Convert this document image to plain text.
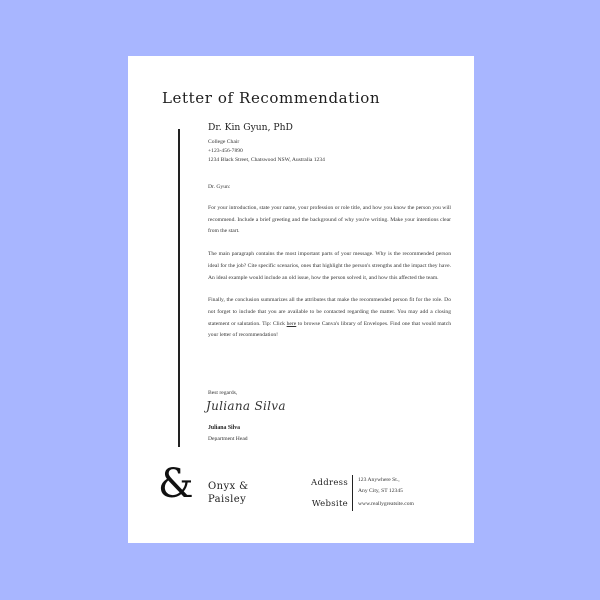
Letter of Recommendation
Dr. Kin Gyun, PhD
College Chair
+123-456-7890
1234 Black Street, Chatswood NSW, Australia 1234
Dr. Gyun:
For your introduction, state your name, your profession or role title, and how you know the person you will recommend. Include a brief greeting and the background of why you're writing. Make your intentions clear from the start.
The main paragraph contains the most important parts of your message. Why is the recommended person ideal for the job? Cite specific scenarios, ones that highlight the person's strengths and the impact they have. An ideal example would include an old issue, how the person solved it, and how this affected the team.
Finally, the conclusion summarizes all the attributes that make the recommended person fit for the role. Do not forget to include that you are available to be contacted regarding the matter. You may add a closing statement or salutation. Tip: Click here to browse Canva's library of Envelopes. Find one that would match your letter of recommendation!
Best regards,
Juliana Silva
Juliana Silva
Department Head
& Onyx &
Paisley
Address
Website
123 Anywhere St.,
Any City, ST 12345
www.reallygreatsite.com
